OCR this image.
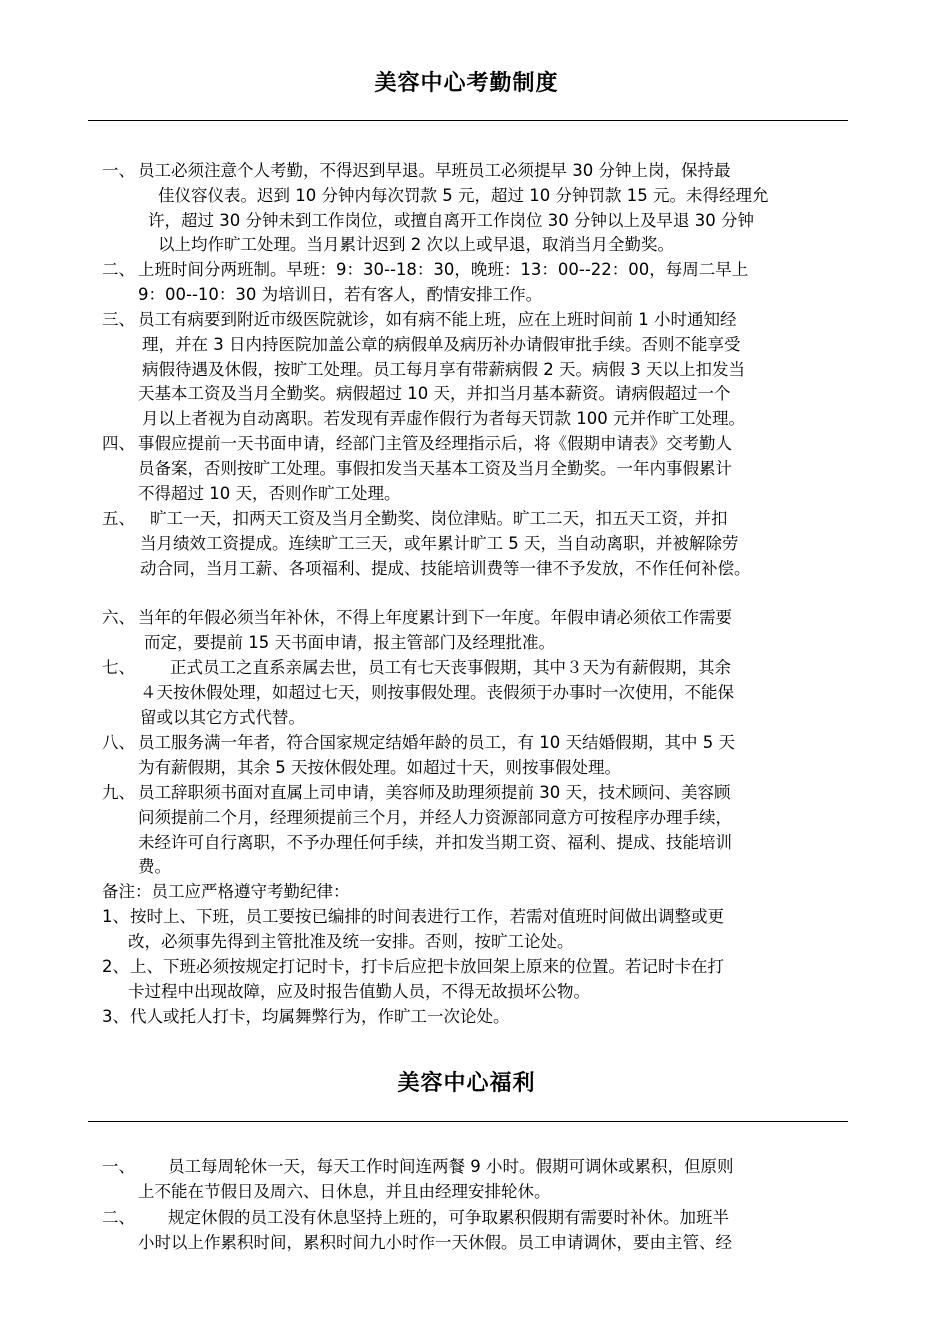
美容中心考勤制度
一、 员工必须注意个人考勤，不得迟到早退。早班员工必须提早 30 分钟上岗，保持最
佳仪容仪表。迟到 10 分钟内每次罚款 5 元，超过 10 分钟罚款 15 元。未得经理允
许，超过 30 分钟未到工作岗位，或擅自离开工作岗位 30 分钟以上及早退 30 分钟
以上均作旷工处理。当月累计迟到 2 次以上或早退，取消当月全勤奖。
二、 上班时间分两班制。早班：9：30--18：30，晚班：13：00--22：00，每周二早上
9：00--10：30 为培训日，若有客人，酌情安排工作。
三、 员工有病要到附近市级医院就诊，如有病不能上班，应在上班时间前 1 小时通知经
理，并在 3 日内持医院加盖公章的病假单及病历补办请假审批手续。否则不能享受
病假待遇及休假，按旷工处理。员工每月享有带薪病假 2 天。病假 3 天以上扣发当
天基本工资及当月全勤奖。病假超过 10 天，并扣当月基本薪资。请病假超过一个
月以上者视为自动离职。若发现有弄虚作假行为者每天罚款 100 元并作旷工处理。
四、 事假应提前一天书面申请，经部门主管及经理指示后，将《假期申请表》交考勤人
员备案，否则按旷工处理。事假扣发当天基本工资及当月全勤奖。一年内事假累计
不得超过 10 天，否则作旷工处理。
五、 旷工一天，扣两天工资及当月全勤奖、岗位津贴。旷工二天，扣五天工资，并扣
当月绩效工资提成。连续旷工三天，或年累计旷工 5 天，当自动离职，并被解除劳
动合同，当月工薪、各项福利、提成、技能培训费等一律不予发放，不作任何补偿。
六、 当年的年假必须当年补休，不得上年度累计到下一年度。年假申请必须依工作需要
而定，要提前 15 天书面申请，报主管部门及经理批准。
七、 正式员工之直系亲属去世，员工有七天丧事假期，其中３天为有薪假期，其余
４天按休假处理，如超过七天，则按事假处理。丧假须于办事时一次使用，不能保
留或以其它方式代替。
八、 员工服务满一年者，符合国家规定结婚年龄的员工，有 10 天结婚假期，其中 5 天
为有薪假期，其余 5 天按休假处理。如超过十天，则按事假处理。
九、 员工辞职须书面对直属上司申请，美容师及助理须提前 30 天，技术顾问、美容顾
问须提前二个月，经理须提前三个月，并经人力资源部同意方可按程序办理手续，
未经许可自行离职，不予办理任何手续，并扣发当期工资、福利、提成、技能培训
费。
备注：员工应严格遵守考勤纪律：
1、 按时上、下班，员工要按已编排的时间表进行工作，若需对值班时间做出调整或更
改，必须事先得到主管批准及统一安排。否则，按旷工论处。
2、 上、下班必须按规定打记时卡，打卡后应把卡放回架上原来的位置。若记时卡在打
卡过程中出现故障，应及时报告值勤人员，不得无故损坏公物。
3、 代人或托人打卡，均属舞弊行为，作旷工一次论处。
美容中心福利
一、 员工每周轮休一天，每天工作时间连两餐 9 小时。假期可调休或累积，但原则
上不能在节假日及周六、日休息，并且由经理安排轮休。
二、 规定休假的员工没有休息坚持上班的，可争取累积假期有需要时补休。加班半
小时以上作累积时间，累积时间九小时作一天休假。员工申请调休，要由主管、经
